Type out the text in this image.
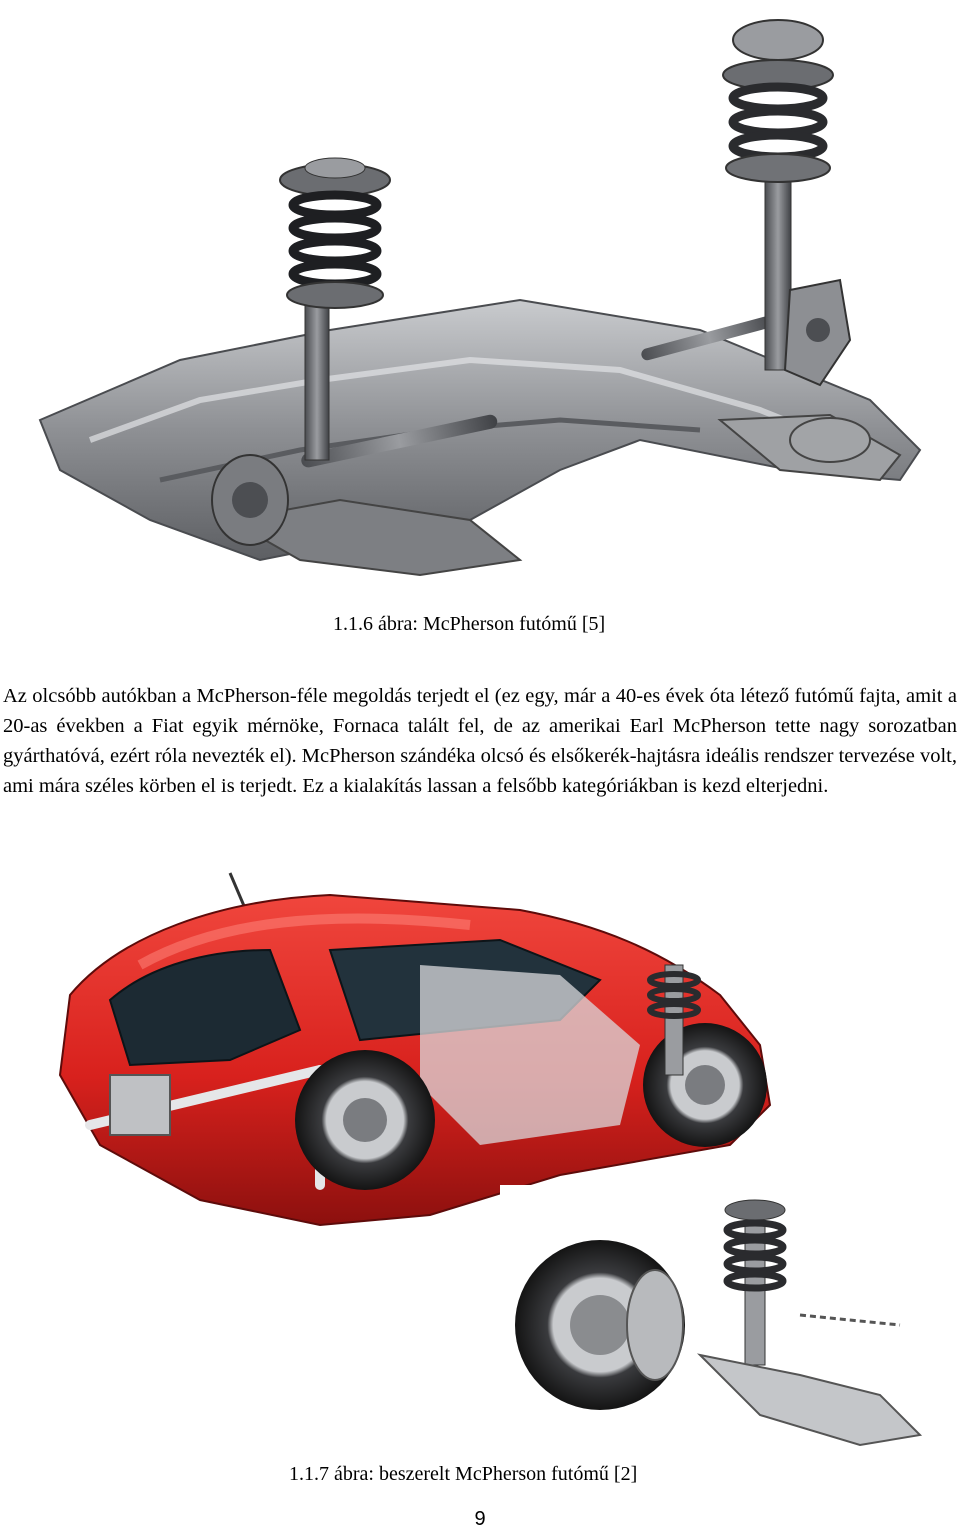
1.1.6 ábra: McPherson futómű [5]

Az olcsóbb autókban a McPherson-féle megoldás terjedt el (ez egy, már a 40-es évek óta létező futómű fajta, amit a 20-as években a Fiat egyik mérnöke, Fornaca talált fel, de az amerikai Earl McPherson tette nagy sorozatban gyárthatóvá, ezért róla nevezték el). McPherson szándéka olcsó és elsőkerék-hajtásra ideális rendszer tervezése volt, ami mára széles körben el is terjedt. Ez a kialakítás lassan a felsőbb kategóriákban is kezd elterjedni.

1.1.7 ábra: beszerelt McPherson futómű [2]
9
